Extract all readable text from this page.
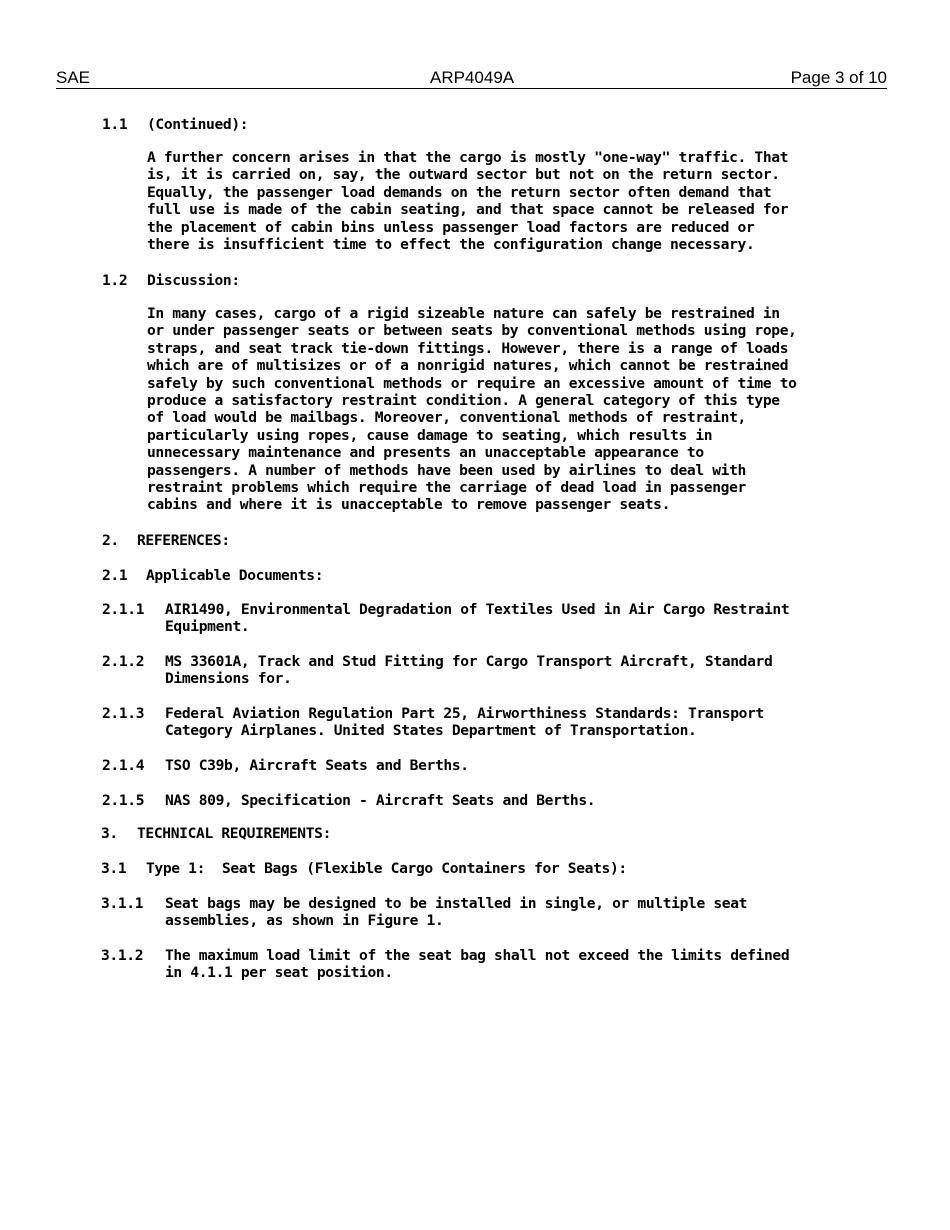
SAE	ARP4049A	Page 3 of 10
1.1 (Continued):
A further concern arises in that the cargo is mostly "one-way" traffic. That
is, it is carried on, say, the outward sector but not on the return sector.
Equally, the passenger load demands on the return sector often demand that
full use is made of the cabin seating, and that space cannot be released for
the placement of cabin bins unless passenger load factors are reduced or
there is insufficient time to effect the configuration change necessary.
1.2 Discussion:
In many cases, cargo of a rigid sizeable nature can safely be restrained in
or under passenger seats or between seats by conventional methods using rope,
straps, and seat track tie-down fittings. However, there is a range of loads
which are of multisizes or of a nonrigid natures, which cannot be restrained
safely by such conventional methods or require an excessive amount of time to
produce a satisfactory restraint condition. A general category of this type
of load would be mailbags. Moreover, conventional methods of restraint,
particularly using ropes, cause damage to seating, which results in
unnecessary maintenance and presents an unacceptable appearance to
passengers. A number of methods have been used by airlines to deal with
restraint problems which require the carriage of dead load in passenger
cabins and where it is unacceptable to remove passenger seats.
2. REFERENCES:
2.1 Applicable Documents:
2.1.1 AIR1490, Environmental Degradation of Textiles Used in Air Cargo Restraint
Equipment.
2.1.2 MS 33601A, Track and Stud Fitting for Cargo Transport Aircraft, Standard
Dimensions for.
2.1.3 Federal Aviation Regulation Part 25, Airworthiness Standards: Transport
Category Airplanes. United States Department of Transportation.
2.1.4 TSO C39b, Aircraft Seats and Berths.
2.1.5 NAS 809, Specification - Aircraft Seats and Berths.
3. TECHNICAL REQUIREMENTS:
3.1 Type 1:  Seat Bags (Flexible Cargo Containers for Seats):
3.1.1 Seat bags may be designed to be installed in single, or multiple seat
assemblies, as shown in Figure 1.
3.1.2 The maximum load limit of the seat bag shall not exceed the limits defined
in 4.1.1 per seat position.
